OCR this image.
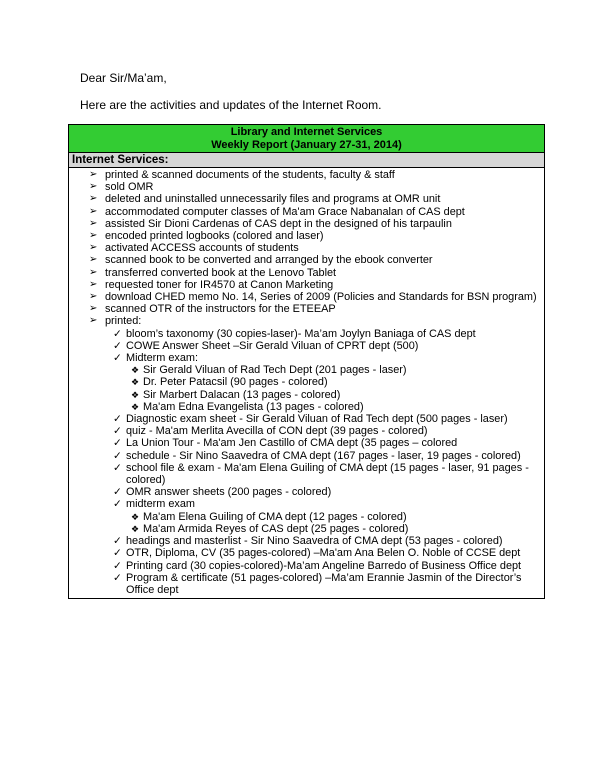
Dear Sir/Ma’am,
Here are the activities and updates of the Internet Room.
Library and Internet Services
Weekly Report (January 27-31, 2014)
Internet Services:
➢ printed & scanned documents of the students, faculty & staff
➢ sold OMR
➢ deleted and uninstalled unnecessarily files and programs at OMR unit
➢ accommodated computer classes of Ma'am Grace Nabanalan of CAS dept
➢ assisted Sir Dioni Cardenas of CAS dept in the designed of his tarpaulin
➢ encoded printed logbooks (colored and laser)
➢ activated ACCESS accounts of students
➢ scanned book to be converted and arranged by the ebook converter
➢ transferred converted book at the Lenovo Tablet
➢ requested toner for IR4570 at Canon Marketing
➢ download CHED memo No. 14, Series of 2009 (Policies and Standards for BSN program)
➢ scanned OTR of the instructors for the ETEEAP
➢ printed:
✓ bloom’s taxonomy (30 copies-laser)- Ma’am Joylyn Baniaga of CAS dept
✓ COWE Answer Sheet –Sir Gerald Viluan of CPRT dept (500)
✓ Midterm exam:
❖ Sir Gerald Viluan of Rad Tech Dept (201 pages - laser)
❖ Dr. Peter Patacsil (90 pages - colored)
❖ Sir Marbert Dalacan (13 pages - colored)
❖ Ma'am Edna Evangelista (13 pages - colored)
✓ Diagnostic exam sheet - Sir Gerald Viluan of Rad Tech dept (500 pages - laser)
✓ quiz - Ma'am Merlita Avecilla of CON dept (39 pages - colored)
✓ La Union Tour - Ma'am Jen Castillo of CMA dept (35 pages – colored
✓ schedule - Sir Nino Saavedra of CMA dept (167 pages - laser, 19 pages - colored)
✓ school file & exam - Ma'am Elena Guiling of CMA dept (15 pages - laser, 91 pages - colored)
✓ OMR answer sheets (200 pages - colored)
✓ midterm exam
❖ Ma'am Elena Guiling of CMA dept (12 pages - colored)
❖ Ma'am Armida Reyes of CAS dept (25 pages - colored)
✓ headings and masterlist - Sir Nino Saavedra of CMA dept (53 pages - colored)
✓ OTR, Diploma, CV (35 pages-colored) –Ma'am Ana Belen O. Noble of CCSE dept
✓ Printing card (30 copies-colored)-Ma’am Angeline Barredo of Business Office dept
✓ Program & certificate (51 pages-colored) –Ma’am Erannie Jasmin of the Director’s Office dept
